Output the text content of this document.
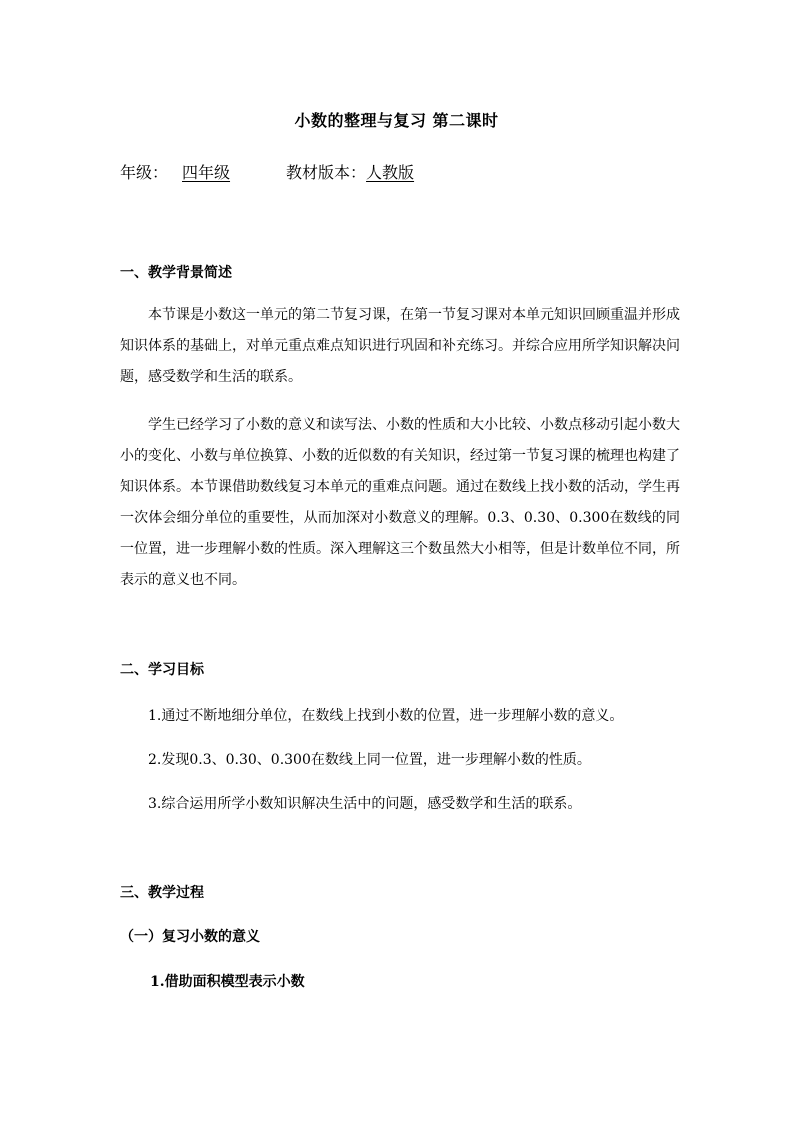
小数的整理与复习 第二课时
年级： 四年级	教材版本： 人教版
一、教学背景简述
本节课是小数这一单元的第二节复习课，在第一节复习课对本单元知识回顾重温并形成知识体系的基础上，对单元重点难点知识进行巩固和补充练习。并综合应用所学知识解决问题，感受数学和生活的联系。
学生已经学习了小数的意义和读写法、小数的性质和大小比较、小数点移动引起小数大小的变化、小数与单位换算、小数的近似数的有关知识，经过第一节复习课的梳理也构建了知识体系。本节课借助数线复习本单元的重难点问题。通过在数线上找小数的活动，学生再一次体会细分单位的重要性，从而加深对小数意义的理解。0.3、0.30、0.300在数线的同一位置，进一步理解小数的性质。深入理解这三个数虽然大小相等，但是计数单位不同，所表示的意义也不同。
二、学习目标
1.通过不断地细分单位，在数线上找到小数的位置，进一步理解小数的意义。
2.发现0.3、0.30、0.300在数线上同一位置，进一步理解小数的性质。
3.综合运用所学小数知识解决生活中的问题，感受数学和生活的联系。
三、教学过程
（一）复习小数的意义
1.借助面积模型表示小数
